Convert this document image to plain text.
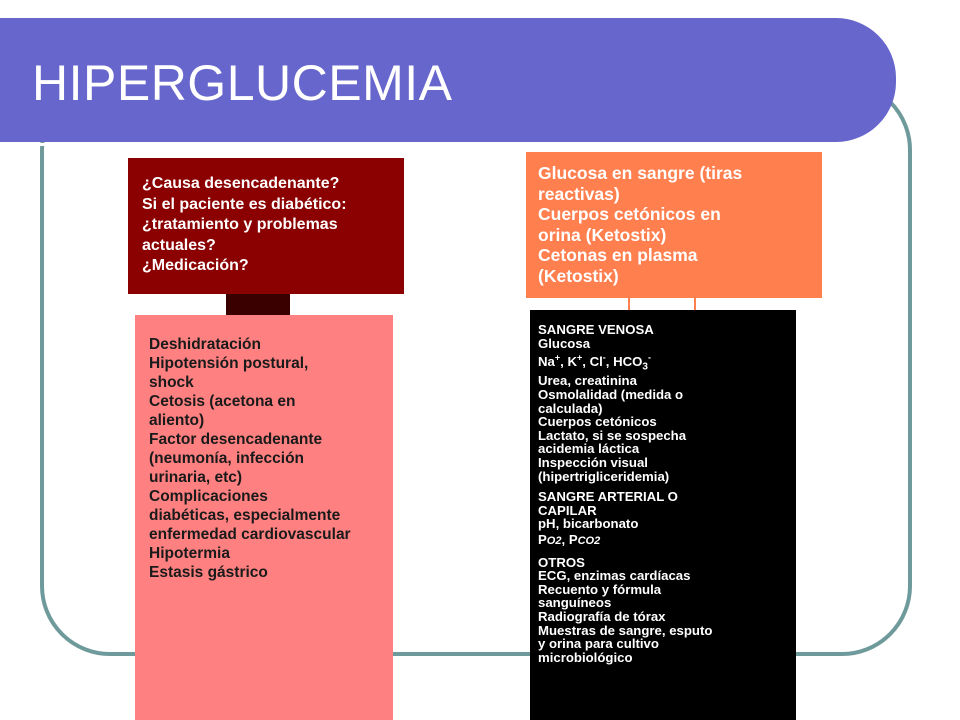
HIPERGLUCEMIA
¿Causa desencadenante?
Si el paciente es diabético:
¿tratamiento y problemas
actuales?
¿Medicación?
Glucosa en sangre (tiras
reactivas)
Cuerpos cetónicos en
orina (Ketostix)
Cetonas en plasma
(Ketostix)
Deshidratación
Hipotensión postural,
shock
Cetosis (acetona en
aliento)
Factor desencadenante
(neumonía, infección
urinaria, etc)
Complicaciones
diabéticas, especialmente
enfermedad cardiovascular
Hipotermia
Estasis gástrico
SANGRE VENOSA
Glucosa
Na+, K+, Cl-, $HCO_3^-$
Urea, creatinina
Osmolalidad (medida o
calculada)
Cuerpos cetónicos
Lactato, si se sospecha
acidemia láctica
Inspección visual
(hipertrigliceridemia)
SANGRE ARTERIAL O
CAPILAR
pH, bicarbonato
PO2, PCO2
OTROS
ECG, enzimas cardíacas
Recuento y fórmula
sanguíneos
Radiografía de tórax
Muestras de sangre, esputo
y orina para cultivo
microbiológico
